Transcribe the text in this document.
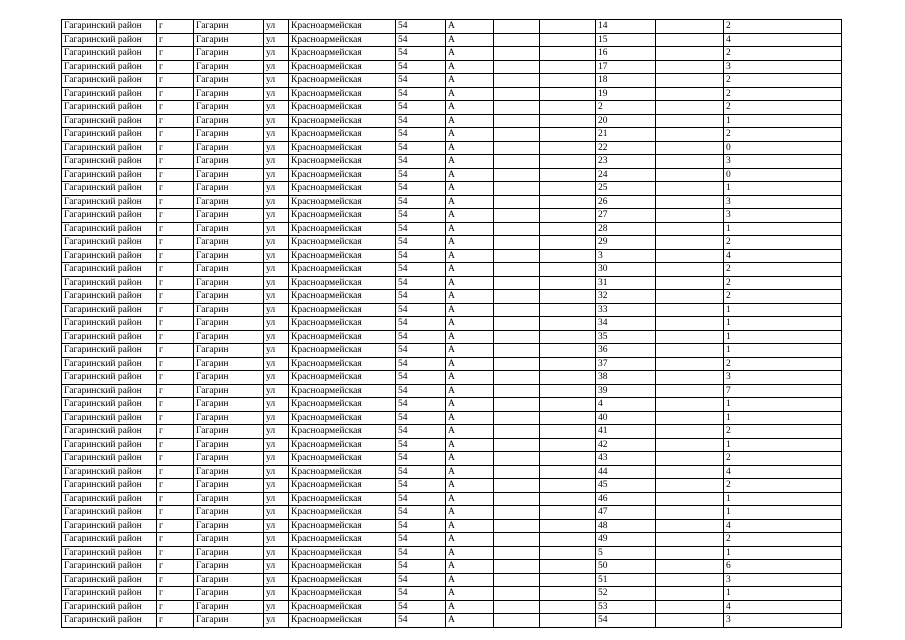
Гагаринский район	г	Гагарин	ул	Красноармейская	54	А			14		2
Гагаринский район	г	Гагарин	ул	Красноармейская	54	А			15		4
Гагаринский район	г	Гагарин	ул	Красноармейская	54	А			16		2
Гагаринский район	г	Гагарин	ул	Красноармейская	54	А			17		3
Гагаринский район	г	Гагарин	ул	Красноармейская	54	А			18		2
Гагаринский район	г	Гагарин	ул	Красноармейская	54	А			19		2
Гагаринский район	г	Гагарин	ул	Красноармейская	54	А			2		2
Гагаринский район	г	Гагарин	ул	Красноармейская	54	А			20		1
Гагаринский район	г	Гагарин	ул	Красноармейская	54	А			21		2
Гагаринский район	г	Гагарин	ул	Красноармейская	54	А			22		0
Гагаринский район	г	Гагарин	ул	Красноармейская	54	А			23		3
Гагаринский район	г	Гагарин	ул	Красноармейская	54	А			24		0
Гагаринский район	г	Гагарин	ул	Красноармейская	54	А			25		1
Гагаринский район	г	Гагарин	ул	Красноармейская	54	А			26		3
Гагаринский район	г	Гагарин	ул	Красноармейская	54	А			27		3
Гагаринский район	г	Гагарин	ул	Красноармейская	54	А			28		1
Гагаринский район	г	Гагарин	ул	Красноармейская	54	А			29		2
Гагаринский район	г	Гагарин	ул	Красноармейская	54	А			3		4
Гагаринский район	г	Гагарин	ул	Красноармейская	54	А			30		2
Гагаринский район	г	Гагарин	ул	Красноармейская	54	А			31		2
Гагаринский район	г	Гагарин	ул	Красноармейская	54	А			32		2
Гагаринский район	г	Гагарин	ул	Красноармейская	54	А			33		1
Гагаринский район	г	Гагарин	ул	Красноармейская	54	А			34		1
Гагаринский район	г	Гагарин	ул	Красноармейская	54	А			35		1
Гагаринский район	г	Гагарин	ул	Красноармейская	54	А			36		1
Гагаринский район	г	Гагарин	ул	Красноармейская	54	А			37		2
Гагаринский район	г	Гагарин	ул	Красноармейская	54	А			38		3
Гагаринский район	г	Гагарин	ул	Красноармейская	54	А			39		7
Гагаринский район	г	Гагарин	ул	Красноармейская	54	А			4		1
Гагаринский район	г	Гагарин	ул	Красноармейская	54	А			40		1
Гагаринский район	г	Гагарин	ул	Красноармейская	54	А			41		2
Гагаринский район	г	Гагарин	ул	Красноармейская	54	А			42		1
Гагаринский район	г	Гагарин	ул	Красноармейская	54	А			43		2
Гагаринский район	г	Гагарин	ул	Красноармейская	54	А			44		4
Гагаринский район	г	Гагарин	ул	Красноармейская	54	А			45		2
Гагаринский район	г	Гагарин	ул	Красноармейская	54	А			46		1
Гагаринский район	г	Гагарин	ул	Красноармейская	54	А			47		1
Гагаринский район	г	Гагарин	ул	Красноармейская	54	А			48		4
Гагаринский район	г	Гагарин	ул	Красноармейская	54	А			49		2
Гагаринский район	г	Гагарин	ул	Красноармейская	54	А			5		1
Гагаринский район	г	Гагарин	ул	Красноармейская	54	А			50		6
Гагаринский район	г	Гагарин	ул	Красноармейская	54	А			51		3
Гагаринский район	г	Гагарин	ул	Красноармейская	54	А			52		1
Гагаринский район	г	Гагарин	ул	Красноармейская	54	А			53		4
Гагаринский район	г	Гагарин	ул	Красноармейская	54	А			54		3
